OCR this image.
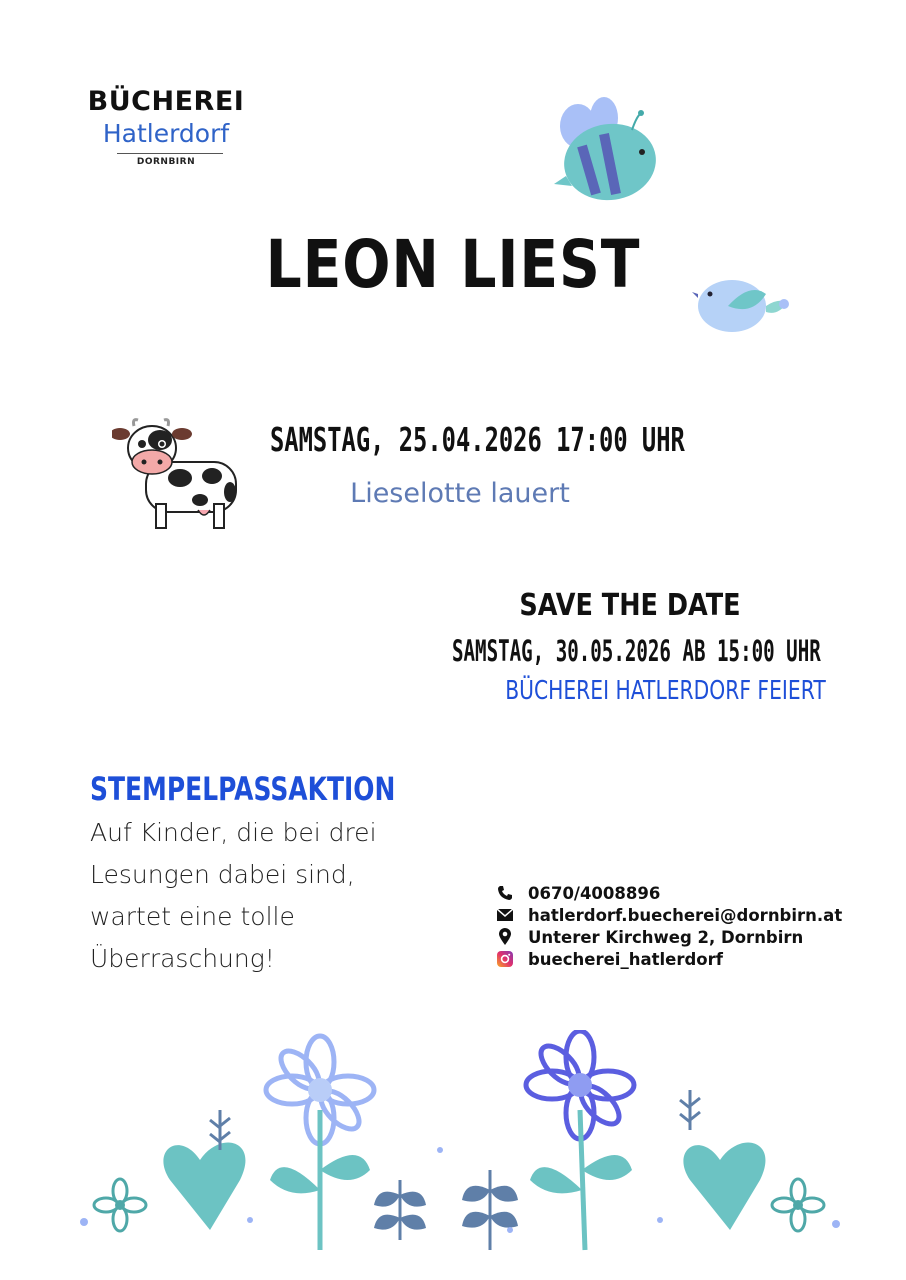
BÜCHEREI
Hatlerdorf
DORNBIRN
LEON LIEST
SAMSTAG, 25.04.2026 17:00 UHR
Lieselotte lauert
SAVE THE DATE
SAMSTAG, 30.05.2026 AB 15:00 UHR
BÜCHEREI HATLERDORF FEIERT
STEMPELPASSAKTION
Auf Kinder, die bei drei Lesungen dabei sind, wartet eine tolle Überraschung!
0670/4008896
hatlerdorf.buecherei@dornbirn.at
Unterer Kirchweg 2, Dornbirn
buecherei_hatlerdorf
